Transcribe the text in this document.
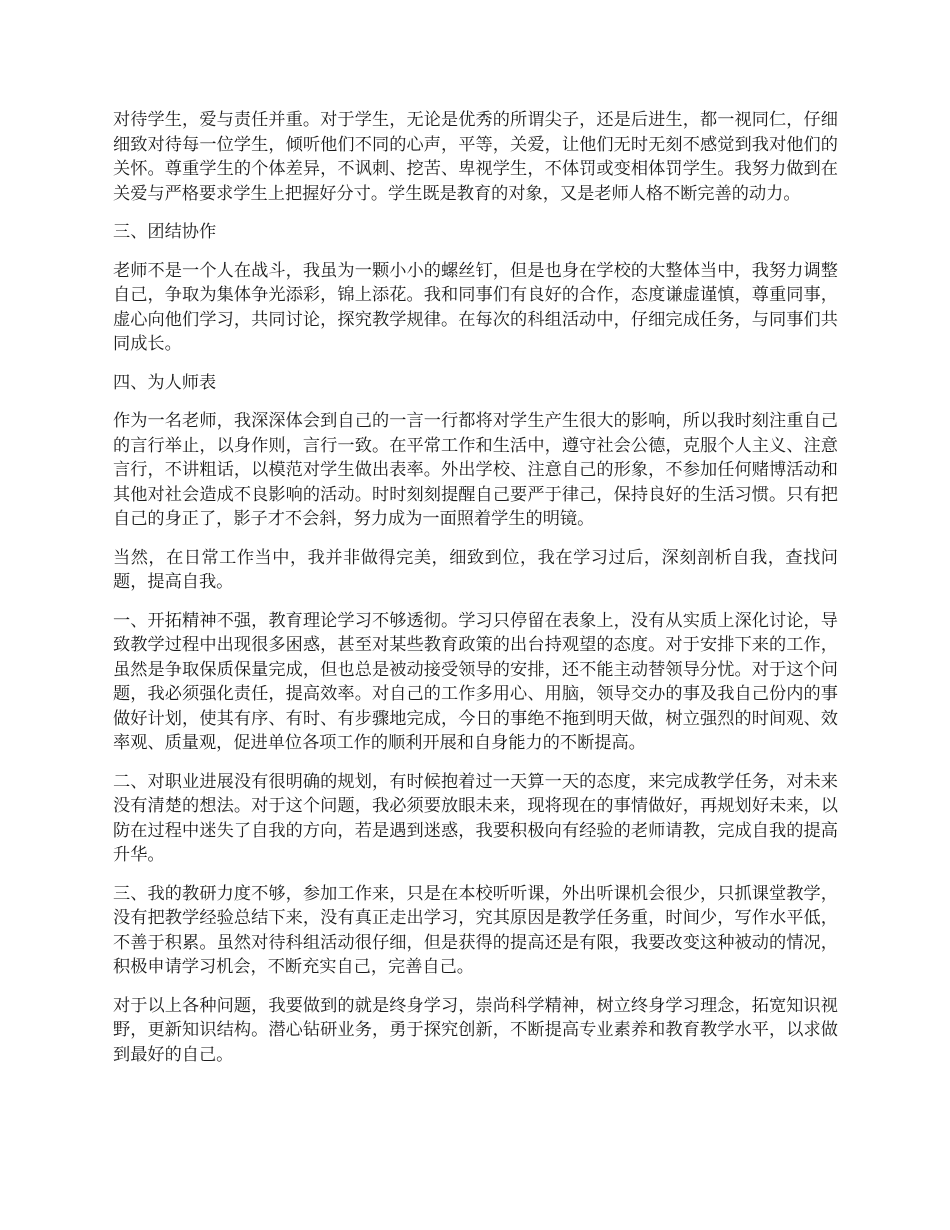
对待学生，爱与责任并重。对于学生，无论是优秀的所谓尖子，还是后进生，都一视同仁，仔细细致对待每一位学生，倾听他们不同的心声，平等，关爱，让他们无时无刻不感觉到我对他们的关怀。尊重学生的个体差异，不讽刺、挖苦、卑视学生，不体罚或变相体罚学生。我努力做到在关爱与严格要求学生上把握好分寸。学生既是教育的对象，又是老师人格不断完善的动力。

三、团结协作

老师不是一个人在战斗，我虽为一颗小小的螺丝钉，但是也身在学校的大整体当中，我努力调整自己，争取为集体争光添彩，锦上添花。我和同事们有良好的合作，态度谦虚谨慎，尊重同事，虚心向他们学习，共同讨论，探究教学规律。在每次的科组活动中，仔细完成任务，与同事们共同成长。

四、为人师表

作为一名老师，我深深体会到自己的一言一行都将对学生产生很大的影响，所以我时刻注重自己的言行举止，以身作则，言行一致。在平常工作和生活中，遵守社会公德，克服个人主义、注意言行，不讲粗话，以模范对学生做出表率。外出学校、注意自己的形象，不参加任何赌博活动和其他对社会造成不良影响的活动。时时刻刻提醒自己要严于律己，保持良好的生活习惯。只有把自己的身正了，影子才不会斜，努力成为一面照着学生的明镜。

当然，在日常工作当中，我并非做得完美，细致到位，我在学习过后，深刻剖析自我，查找问题，提高自我。

一、开拓精神不强，教育理论学习不够透彻。学习只停留在表象上，没有从实质上深化讨论，导致教学过程中出现很多困惑，甚至对某些教育政策的出台持观望的态度。对于安排下来的工作，虽然是争取保质保量完成，但也总是被动接受领导的安排，还不能主动替领导分忧。对于这个问题，我必须强化责任，提高效率。对自己的工作多用心、用脑，领导交办的事及我自己份内的事做好计划，使其有序、有时、有步骤地完成，今日的事绝不拖到明天做，树立强烈的时间观、效率观、质量观，促进单位各项工作的顺利开展和自身能力的不断提高。

二、对职业进展没有很明确的规划，有时候抱着过一天算一天的态度，来完成教学任务，对未来没有清楚的想法。对于这个问题，我必须要放眼未来，现将现在的事情做好，再规划好未来，以防在过程中迷失了自我的方向，若是遇到迷惑，我要积极向有经验的老师请教，完成自我的提高升华。

三、我的教研力度不够，参加工作来，只是在本校听听课，外出听课机会很少，只抓课堂教学，没有把教学经验总结下来，没有真正走出学习，究其原因是教学任务重，时间少，写作水平低，不善于积累。虽然对待科组活动很仔细，但是获得的提高还是有限，我要改变这种被动的情况，积极申请学习机会，不断充实自己，完善自己。

对于以上各种问题，我要做到的就是终身学习，崇尚科学精神，树立终身学习理念，拓宽知识视野，更新知识结构。潜心钻研业务，勇于探究创新，不断提高专业素养和教育教学水平，以求做到最好的自己。
